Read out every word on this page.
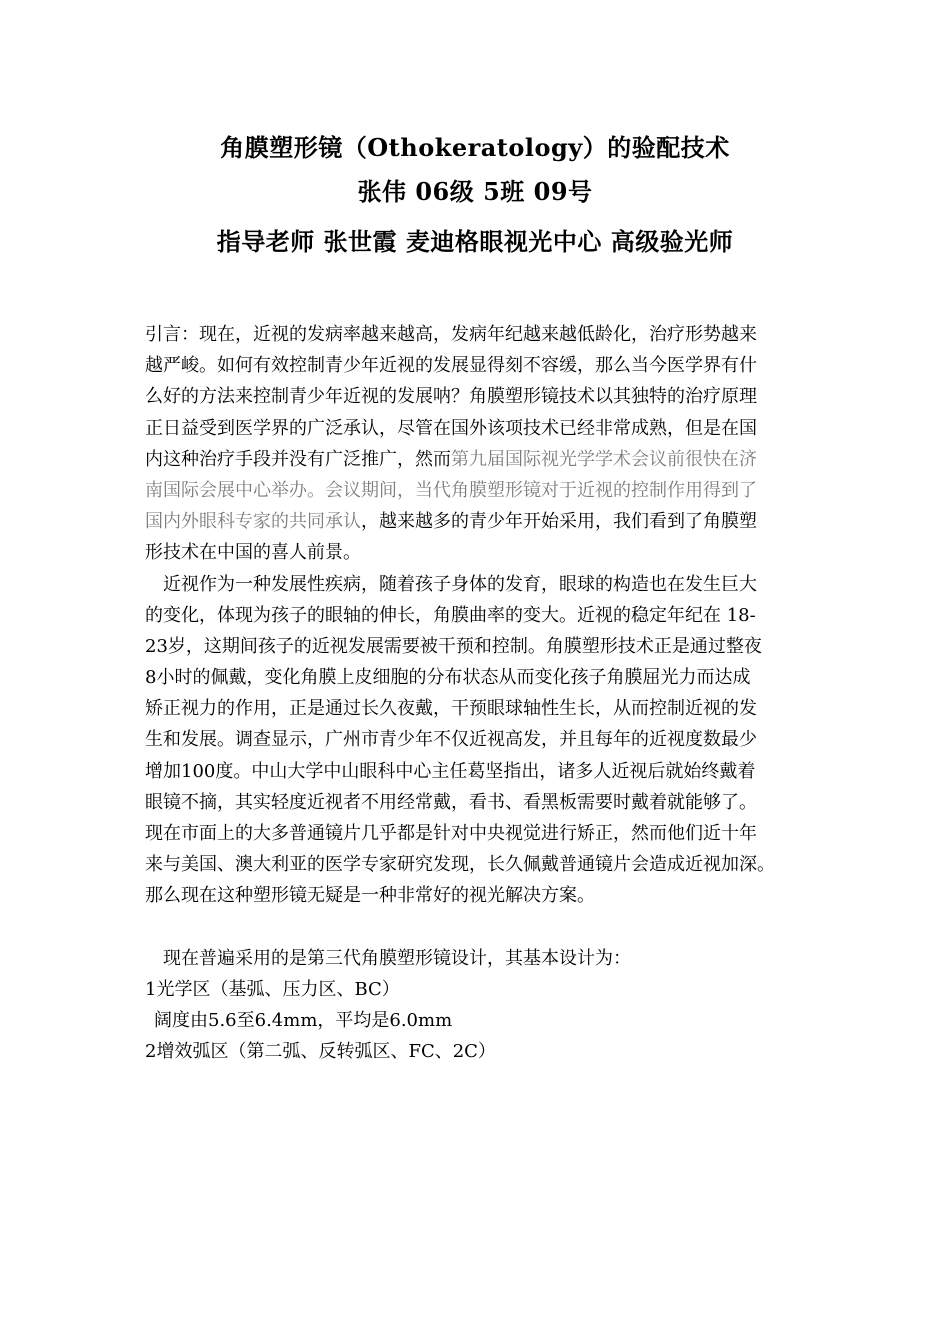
角膜塑形镜（Othokeratology）的验配技术
张伟 06级 5班 09号
指导老师 张世霞 麦迪格眼视光中心 高级验光师
引言：现在，近视的发病率越来越高，发病年纪越来越低龄化，治疗形势越来
越严峻。如何有效控制青少年近视的发展显得刻不容缓，那么当今医学界有什
么好的方法来控制青少年近视的发展呐？角膜塑形镜技术以其独特的治疗原理
正日益受到医学界的广泛承认，尽管在国外该项技术已经非常成熟，但是在国
内这种治疗手段并没有广泛推广，然而第九届国际视光学学术会议前很快在济
南国际会展中心举办。会议期间，当代角膜塑形镜对于近视的控制作用得到了
国内外眼科专家的共同承认，越来越多的青少年开始采用，我们看到了角膜塑
形技术在中国的喜人前景。
近视作为一种发展性疾病，随着孩子身体的发育，眼球的构造也在发生巨大
的变化，体现为孩子的眼轴的伸长，角膜曲率的变大。近视的稳定年纪在 18-
23岁，这期间孩子的近视发展需要被干预和控制。角膜塑形技术正是通过整夜
8小时的佩戴，变化角膜上皮细胞的分布状态从而变化孩子角膜屈光力而达成
矫正视力的作用，正是通过长久夜戴，干预眼球轴性生长，从而控制近视的发
生和发展。调查显示，广州市青少年不仅近视高发，并且每年的近视度数最少
增加100度。中山大学中山眼科中心主任葛坚指出，诸多人近视后就始终戴着
眼镜不摘，其实轻度近视者不用经常戴，看书、看黑板需要时戴着就能够了。
现在市面上的大多普通镜片几乎都是针对中央视觉进行矫正，然而他们近十年
来与美国、澳大利亚的医学专家研究发现，长久佩戴普通镜片会造成近视加深。
那么现在这种塑形镜无疑是一种非常好的视光解决方案。
现在普遍采用的是第三代角膜塑形镜设计，其基本设计为：
1光学区（基弧、压力区、BC）
阔度由5.6至6.4mm，平均是6.0mm
2增效弧区（第二弧、反转弧区、FC、2C）
